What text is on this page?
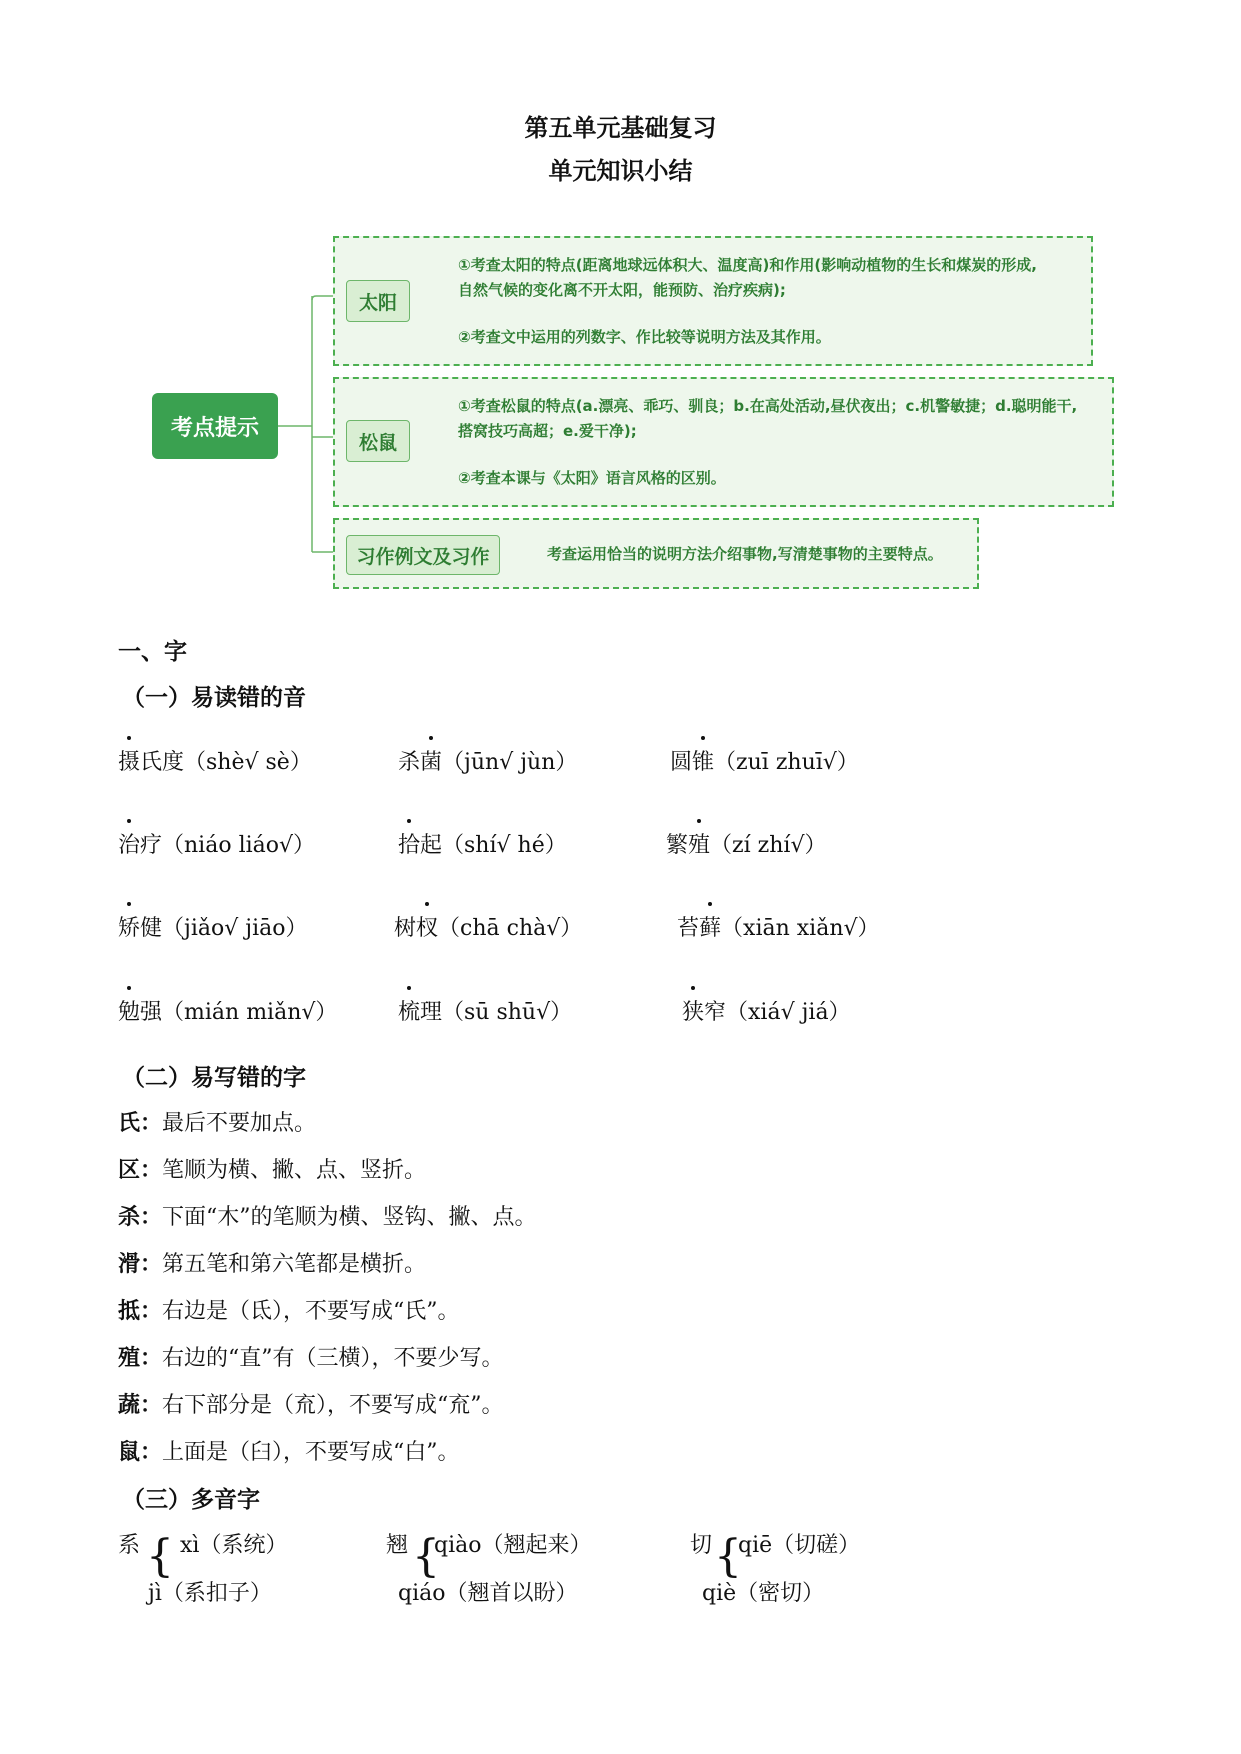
第五单元基础复习
单元知识小结
考点提示
太阳
松鼠
习作例文及习作
①考查太阳的特点(距离地球远体积大、温度高)和作用(影响动植物的生长和煤炭的形成,
自然气候的变化离不开太阳，能预防、治疗疾病);
②考查文中运用的列数字、作比较等说明方法及其作用。
①考查松鼠的特点(a.漂亮、乖巧、驯良；b.在高处活动,昼伏夜出；c.机警敏捷；d.聪明能干,
搭窝技巧高超；e.爱干净);
②考查本课与《太阳》语言风格的区别。
考查运用恰当的说明方法介绍事物,写清楚事物的主要特点。
一、字
（一）易读错的音
摄氏度（shè√ sè）	杀菌（jūn√ jùn）	圆锥（zuī zhuī√）
治疗（niáo liáo√）	拾起（shí√ hé）	繁殖（zí zhí√）
矫健（jiǎo√ jiāo）	树杈（chā chà√）	苔藓（xiān xiǎn√）
勉强（mián miǎn√）	梳理（sū shū√）	狭窄（xiá√ jiá）
（二）易写错的字
氏：最后不要加点。
区：笔顺为横、撇、点、竖折。
杀：下面“木”的笔顺为横、竖钩、撇、点。
滑：第五笔和第六笔都是横折。
抵：右边是（氐），不要写成“氏”。
殖：右边的“直”有（三横），不要少写。
蔬：右下部分是（㐬），不要写成“㐬”。
鼠：上面是（臼），不要写成“白”。
（三）多音字
系 { xì（系统）
jì（系扣子）
翘 {
qiào（翘起来）
qiáo（翘首以盼）
切 {
qiē（切磋）
qiè（密切）
